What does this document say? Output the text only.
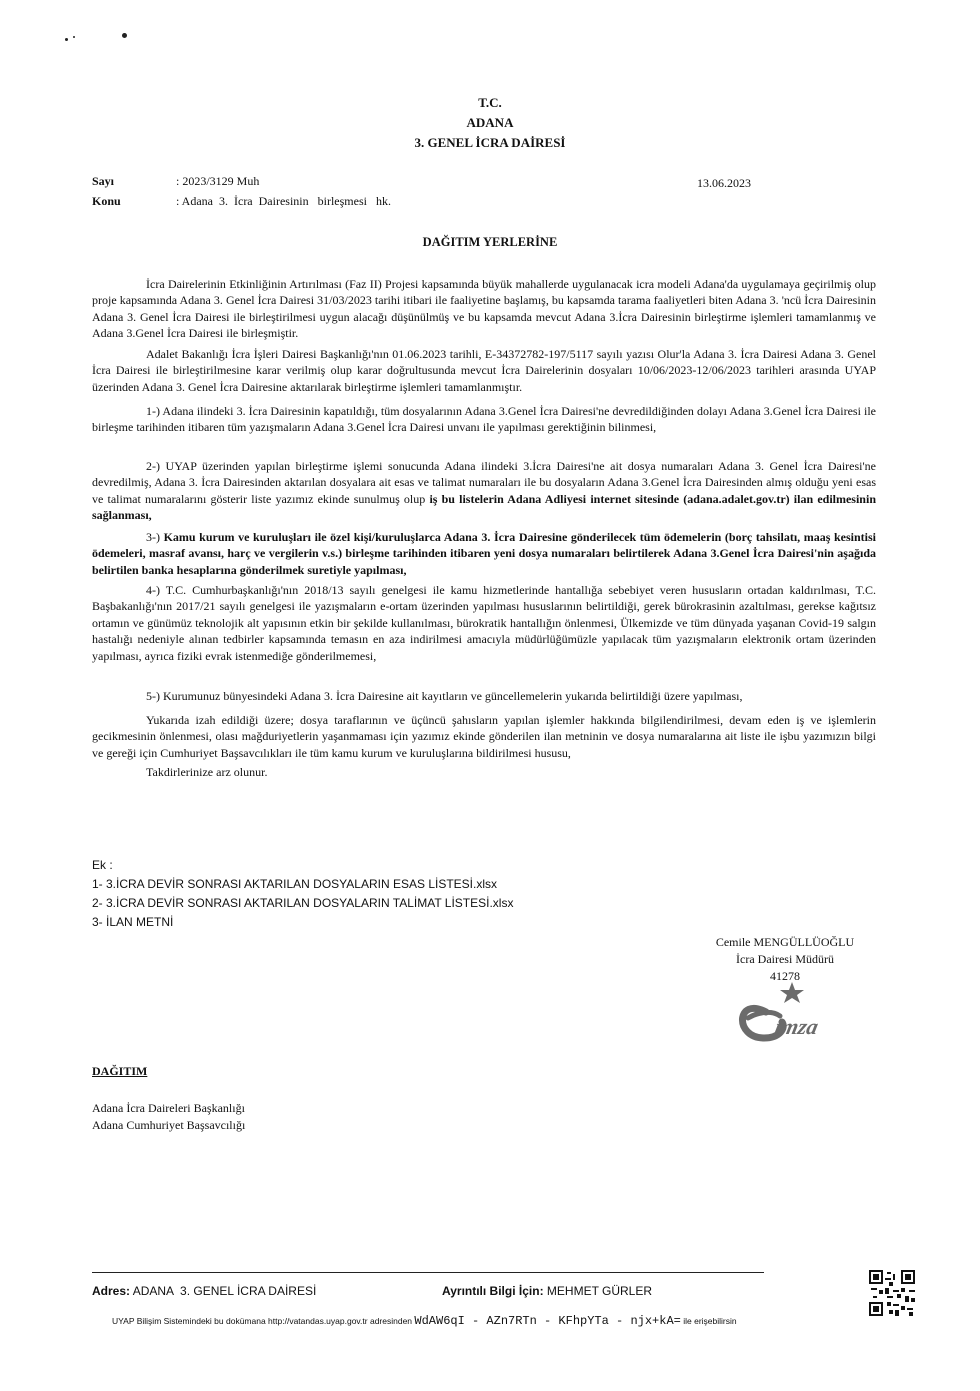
T.C.
ADANA
3. GENEL İCRA DAİRESİ
Sayı	: 2023/3129 Muh	13.06.2023
Konu	: Adana  3.  İcra  Dairesinin   birleşmesi   hk.
DAĞITIM YERLERİNE

İcra Dairelerinin Etkinliğinin Artırılması (Faz II) Projesi kapsamında büyük mahallerde uygulanacak icra modeli Adana'da uygulamaya geçirilmiş olup proje kapsamında Adana 3. Genel İcra Dairesi 31/03/2023 tarihi itibari ile faaliyetine başlamış, bu kapsamda tarama faaliyetleri biten Adana 3. 'ncü İcra Dairesinin Adana 3. Genel İcra Dairesi ile birleştirilmesi uygun alacağı düşünülmüş ve bu kapsamda mevcut Adana 3.İcra Dairesinin birleştirme işlemleri tamamlanmış ve Adana 3.Genel İcra Dairesi ile birleşmiştir.

Adalet Bakanlığı İcra İşleri Dairesi Başkanlığı'nın 01.06.2023 tarihli, E-34372782-197/5117 sayılı yazısı Olur'la Adana 3. İcra Dairesi Adana 3. Genel İcra Dairesi ile birleştirilmesine karar verilmiş olup karar doğrultusunda mevcut İcra Dairelerinin dosyaları 10/06/2023-12/06/2023 tarihleri arasında UYAP üzerinden Adana 3. Genel İcra Dairesine aktarılarak birleştirme işlemleri tamamlanmıştır.

1-) Adana ilindeki 3. İcra Dairesinin kapatıldığı, tüm dosyalarının Adana 3.Genel İcra Dairesi'ne devredildiğinden dolayı Adana 3.Genel İcra Dairesi ile birleşme tarihinden itibaren tüm yazışmaların Adana 3.Genel İcra Dairesi unvanı ile yapılması gerektiğinin bilinmesi,

2-) UYAP üzerinden yapılan birleştirme işlemi sonucunda Adana ilindeki 3.İcra Dairesi'ne ait dosya numaraları Adana 3. Genel İcra Dairesi'ne devredilmiş, Adana 3. İcra Dairesinden aktarılan dosyalara ait esas ve talimat numaraları ile bu dosyaların Adana 3.Genel İcra Dairesinden almış olduğu yeni esas ve talimat numaralarını gösterir liste yazımız ekinde sunulmuş olup iş bu listelerin Adana Adliyesi internet sitesinde (adana.adalet.gov.tr) ilan edilmesinin sağlanması,

3-) Kamu kurum ve kuruluşları ile özel kişi/kuruluşlarca Adana 3. İcra Dairesine gönderilecek tüm ödemelerin (borç tahsilatı, maaş kesintisi ödemeleri, masraf avansı, harç ve vergilerin v.s.) birleşme tarihinden itibaren yeni dosya numaraları belirtilerek Adana 3.Genel İcra Dairesi'nin aşağıda belirtilen banka hesaplarına gönderilmek suretiyle yapılması,

4-) T.C. Cumhurbaşkanlığı'nın 2018/13 sayılı genelgesi ile kamu hizmetlerinde hantallığa sebebiyet veren hususların ortadan kaldırılması, T.C. Başbakanlığı'nın 2017/21 sayılı genelgesi ile yazışmaların e-ortam üzerinden yapılması hususlarının belirtildiği, gerek bürokrasinin azaltılması, gerekse kağıtsız ortamın ve günümüz teknolojik alt yapısının etkin bir şekilde kullanılması, bürokratik hantallığın önlenmesi, Ülkemizde ve tüm dünyada yaşanan Covid-19 salgın hastalığı nedeniyle alınan tedbirler kapsamında temasın en aza indirilmesi amacıyla müdürlüğümüzle yapılacak tüm yazışmaların elektronik ortam üzerinden yapılması, ayrıca fiziki evrak istenmediğe gönderilmemesi,

5-) Kurumunuz bünyesindeki Adana 3. İcra Dairesine ait kayıtların ve güncellemelerin yukarıda belirtildiği üzere yapılması,

Yukarıda izah edildiği üzere; dosya taraflarının ve üçüncü şahısların yapılan işlemler hakkında bilgilendirilmesi, devam eden iş ve işlemlerin gecikmesinin önlenmesi, olası mağduriyetlerin yaşanmaması için yazımız ekinde gönderilen ilan metninin ve dosya numaralarına ait liste ile işbu yazımızın bilgi ve gereği için Cumhuriyet Başsavcılıkları ile tüm kamu kurum ve kuruluşlarına bildirilmesi hususu,

Takdirlerinize arz olunur.

Ek :
1- 3.İCRA DEVİR SONRASI AKTARILAN DOSYALARIN ESAS LİSTESİ.xlsx
2- 3.İCRA DEVİR SONRASI AKTARILAN DOSYALARIN TALİMAT LİSTESİ.xlsx
3- İLAN METNİ
Cemile MENGÜLLÜOĞLU
İcra Dairesi Müdürü
41278
imza
DAĞITIM
Adana İcra Daireleri Başkanlığı
Adana Cumhuriyet Başsavcılığı
Adres: ADANA  3. GENEL İCRA DAİRESİ	Ayrıntılı Bilgi İçin: MEHMET GÜRLER
UYAP Bilişim Sistemindeki bu dokümana http://vatandas.uyap.gov.tr adresinden WdAW6qI - AZn7RTn - KFhpYTa - njx+kA= ile erişebilirsin
